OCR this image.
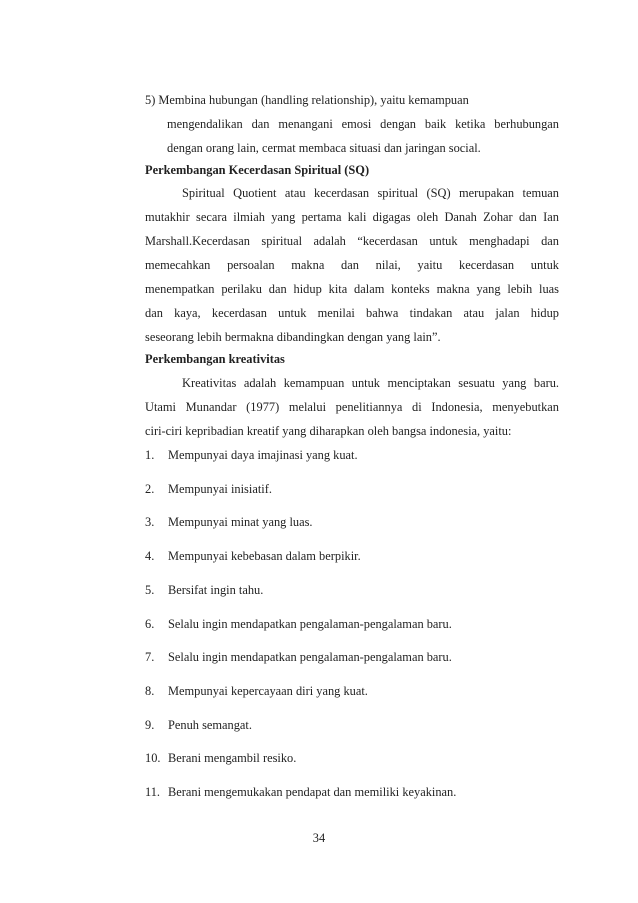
5) Membina hubungan (handling relationship), yaitu kemampuan
mengendalikan dan menangani emosi dengan baik ketika berhubungan
dengan orang lain, cermat membaca situasi dan jaringan social.
Perkembangan Kecerdasan Spiritual (SQ)
Spiritual Quotient atau kecerdasan spiritual (SQ) merupakan temuan
mutakhir secara ilmiah yang pertama kali digagas oleh Danah Zohar dan Ian
Marshall.Kecerdasan spiritual adalah “kecerdasan untuk menghadapi dan
memecahkan persoalan makna dan nilai, yaitu kecerdasan untuk
menempatkan perilaku dan hidup kita dalam konteks makna yang lebih luas
dan kaya, kecerdasan untuk menilai bahwa tindakan atau jalan hidup
seseorang lebih bermakna dibandingkan dengan yang lain”.
Perkembangan kreativitas
Kreativitas adalah kemampuan untuk menciptakan sesuatu yang baru.
Utami Munandar (1977) melalui penelitiannya di Indonesia, menyebutkan
ciri-ciri kepribadian kreatif yang diharapkan oleh bangsa indonesia, yaitu:
1. Mempunyai daya imajinasi yang kuat.
2. Mempunyai inisiatif.
3. Mempunyai minat yang luas.
4. Mempunyai kebebasan dalam berpikir.
5. Bersifat ingin tahu.
6. Selalu ingin mendapatkan pengalaman-pengalaman baru.
7. Selalu ingin mendapatkan pengalaman-pengalaman baru.
8. Mempunyai kepercayaan diri yang kuat.
9. Penuh semangat.
10. Berani mengambil resiko.
11. Berani mengemukakan pendapat dan memiliki keyakinan.
34
